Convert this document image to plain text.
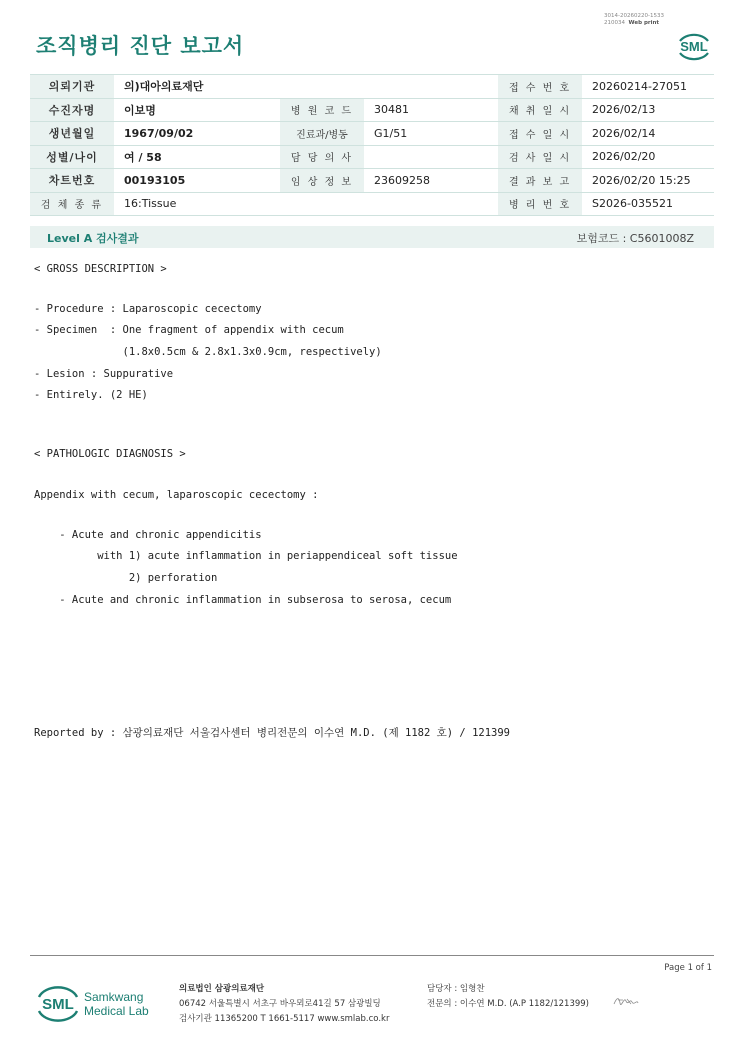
3014-20260220-1533
210034 Web print
조직병리 진단 보고서	SML
의뢰기관	의)대아의료재단			접 수 번 호	20260214-27051
수진자명	이보명	병 원 코 드	30481	채 취 일 시	2026/02/13
생년월일	1967/09/02	진료과/병동	G1/51	접 수 일 시	2026/02/14
성별/나이	여 / 58	담 당 의 사		검 사 일 시	2026/02/20
차트번호	00193105	임 상 정 보	23609258	결 과 보 고	2026/02/20 15:25
검 체 종 류	16:Tissue			병 리 번 호	S2026-035521
Level A 검사결과	보험코드 : C5601008Z
< GROSS DESCRIPTION >
- Procedure : Laparoscopic cecectomy
- Specimen  : One fragment of appendix with cecum
(1.8x0.5cm & 2.8x1.3x0.9cm, respectively)
- Lesion : Suppurative
- Entirely. (2 HE)
< PATHOLOGIC DIAGNOSIS >
Appendix with cecum, laparoscopic cecectomy :
- Acute and chronic appendicitis
with 1) acute inflammation in periappendiceal soft tissue
2) perforation
- Acute and chronic inflammation in subserosa to serosa, cecum
Reported by : 삼광의료재단 서울검사센터 병리전문의 이수연 M.D. (제 1182 호) / 121399
Page 1 of 1
SML Samkwang
Medical Lab
의료법인 삼광의료재단
06742 서울특별시 서초구 바우뫼로41길 57 삼광빌딩
검사기관 11365200 T 1661-5117 www.smlab.co.kr
담당자 : 임형찬
전문의 : 이수연 M.D. (A.P 1182/121399)
